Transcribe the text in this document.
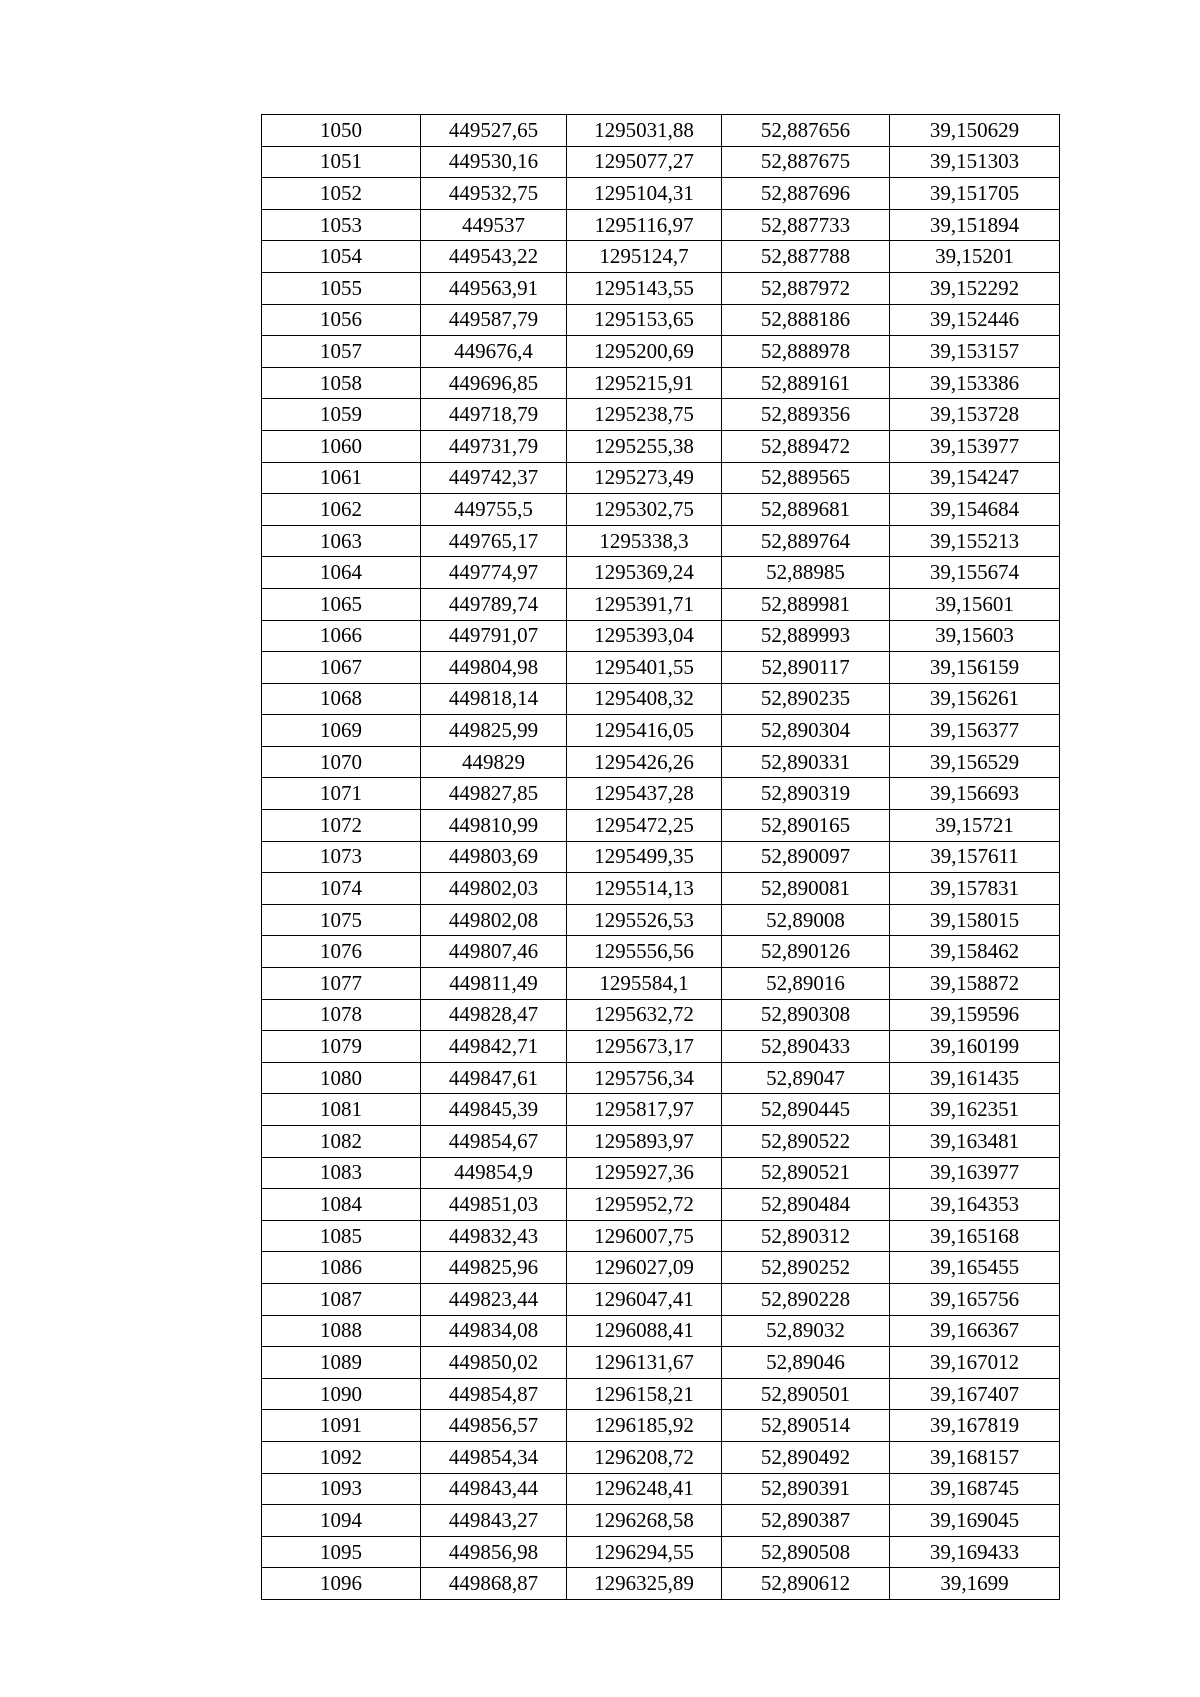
1050	449527,65	1295031,88	52,887656	39,150629
1051	449530,16	1295077,27	52,887675	39,151303
1052	449532,75	1295104,31	52,887696	39,151705
1053	449537	1295116,97	52,887733	39,151894
1054	449543,22	1295124,7	52,887788	39,15201
1055	449563,91	1295143,55	52,887972	39,152292
1056	449587,79	1295153,65	52,888186	39,152446
1057	449676,4	1295200,69	52,888978	39,153157
1058	449696,85	1295215,91	52,889161	39,153386
1059	449718,79	1295238,75	52,889356	39,153728
1060	449731,79	1295255,38	52,889472	39,153977
1061	449742,37	1295273,49	52,889565	39,154247
1062	449755,5	1295302,75	52,889681	39,154684
1063	449765,17	1295338,3	52,889764	39,155213
1064	449774,97	1295369,24	52,88985	39,155674
1065	449789,74	1295391,71	52,889981	39,15601
1066	449791,07	1295393,04	52,889993	39,15603
1067	449804,98	1295401,55	52,890117	39,156159
1068	449818,14	1295408,32	52,890235	39,156261
1069	449825,99	1295416,05	52,890304	39,156377
1070	449829	1295426,26	52,890331	39,156529
1071	449827,85	1295437,28	52,890319	39,156693
1072	449810,99	1295472,25	52,890165	39,15721
1073	449803,69	1295499,35	52,890097	39,157611
1074	449802,03	1295514,13	52,890081	39,157831
1075	449802,08	1295526,53	52,89008	39,158015
1076	449807,46	1295556,56	52,890126	39,158462
1077	449811,49	1295584,1	52,89016	39,158872
1078	449828,47	1295632,72	52,890308	39,159596
1079	449842,71	1295673,17	52,890433	39,160199
1080	449847,61	1295756,34	52,89047	39,161435
1081	449845,39	1295817,97	52,890445	39,162351
1082	449854,67	1295893,97	52,890522	39,163481
1083	449854,9	1295927,36	52,890521	39,163977
1084	449851,03	1295952,72	52,890484	39,164353
1085	449832,43	1296007,75	52,890312	39,165168
1086	449825,96	1296027,09	52,890252	39,165455
1087	449823,44	1296047,41	52,890228	39,165756
1088	449834,08	1296088,41	52,89032	39,166367
1089	449850,02	1296131,67	52,89046	39,167012
1090	449854,87	1296158,21	52,890501	39,167407
1091	449856,57	1296185,92	52,890514	39,167819
1092	449854,34	1296208,72	52,890492	39,168157
1093	449843,44	1296248,41	52,890391	39,168745
1094	449843,27	1296268,58	52,890387	39,169045
1095	449856,98	1296294,55	52,890508	39,169433
1096	449868,87	1296325,89	52,890612	39,1699
